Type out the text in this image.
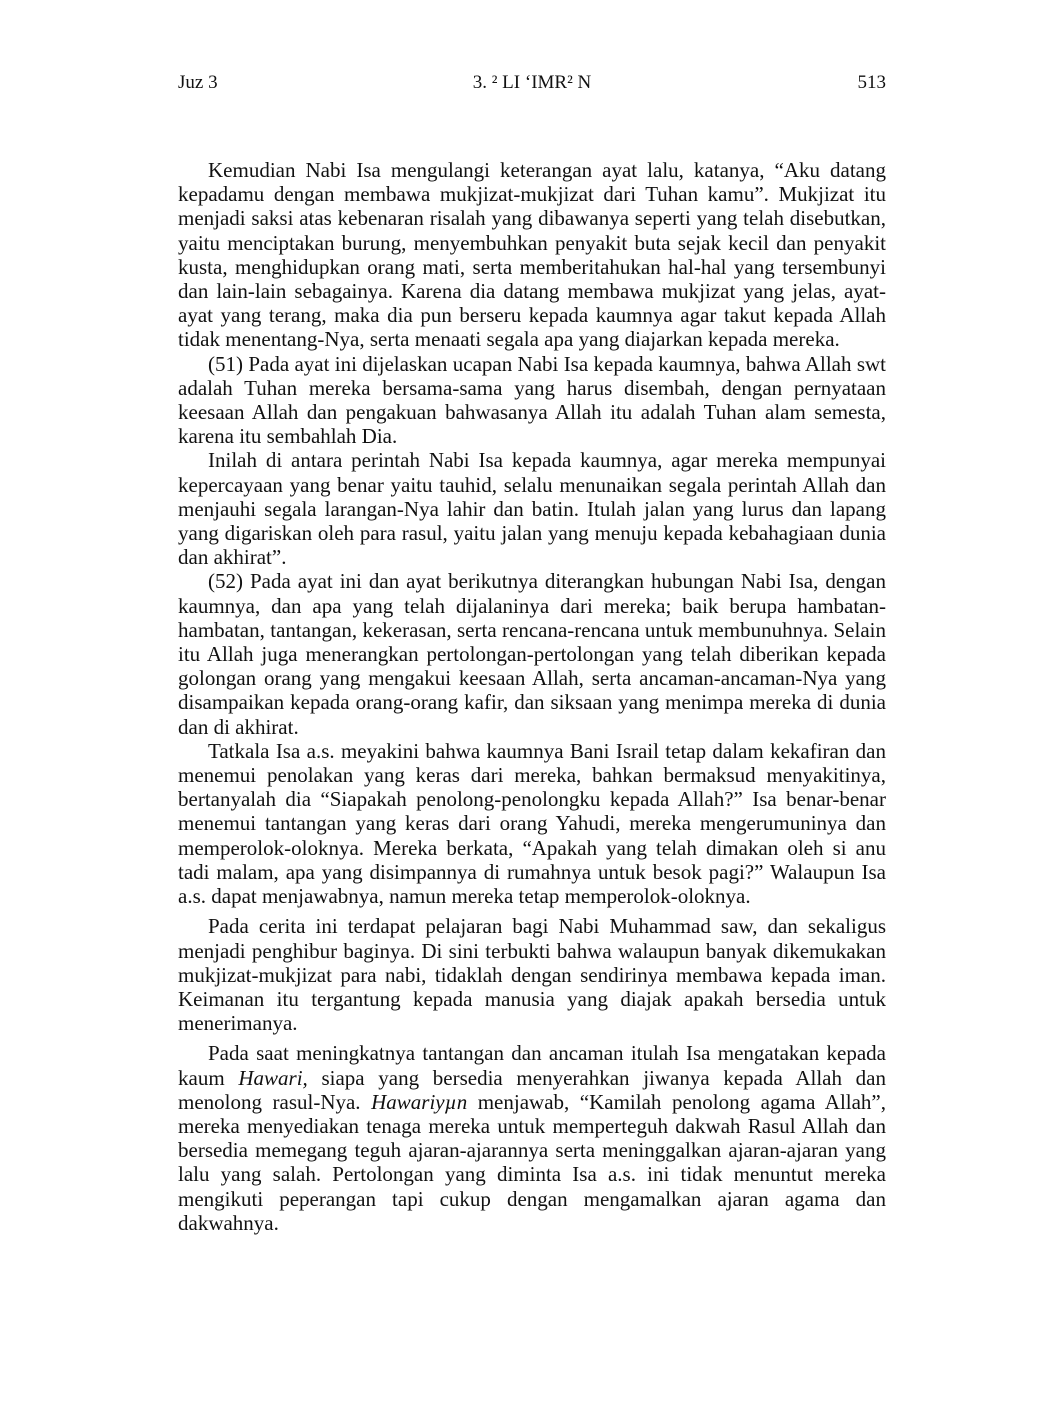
Juz 3	3. ² LI ‘IMR² N	513

Kemudian Nabi Isa mengulangi keterangan ayat lalu, katanya, “Aku datang kepadamu dengan membawa mukjizat-mukjizat dari Tuhan kamu”. Mukjizat itu menjadi saksi atas kebenaran risalah yang dibawanya seperti yang telah disebutkan, yaitu menciptakan burung, menyembuhkan penyakit buta sejak kecil dan penyakit kusta, menghidupkan orang mati, serta memberitahukan hal-hal yang tersembunyi dan lain-lain sebagainya. Karena dia datang membawa mukjizat yang jelas, ayat-ayat yang terang, maka dia pun berseru kepada kaumnya agar takut kepada Allah tidak menentang-Nya, serta menaati segala apa yang diajarkan kepada mereka.

(51) Pada ayat ini dijelaskan ucapan Nabi Isa kepada kaumnya, bahwa Allah swt adalah Tuhan mereka bersama-sama yang harus disembah, dengan pernyataan keesaan Allah dan pengakuan bahwasanya Allah itu adalah Tuhan alam semesta, karena itu sembahlah Dia.

Inilah di antara perintah Nabi Isa kepada kaumnya, agar mereka mempunyai kepercayaan yang benar yaitu tauhid, selalu menunaikan segala perintah Allah dan menjauhi segala larangan-Nya lahir dan batin. Itulah jalan yang lurus dan lapang yang digariskan oleh para rasul, yaitu jalan yang menuju kepada kebahagiaan dunia dan akhirat”.

(52) Pada ayat ini dan ayat berikutnya diterangkan hubungan Nabi Isa, dengan kaumnya, dan apa yang telah dijalaninya dari mereka; baik berupa hambatan-hambatan, tantangan, kekerasan, serta rencana-rencana untuk membunuhnya. Selain itu Allah juga menerangkan pertolongan-pertolongan yang telah diberikan kepada golongan orang yang mengakui keesaan Allah, serta ancaman-ancaman-Nya yang disampaikan kepada orang-orang kafir, dan siksaan yang menimpa mereka di dunia dan di akhirat.

Tatkala Isa a.s. meyakini bahwa kaumnya Bani Israil tetap dalam kekafiran dan menemui penolakan yang keras dari mereka, bahkan bermaksud menyakitinya, bertanyalah dia “Siapakah penolong-penolongku kepada Allah?” Isa benar-benar menemui tantangan yang keras dari orang Yahudi, mereka mengerumuninya dan memperolok-oloknya. Mereka berkata, “Apakah yang telah dimakan oleh si anu tadi malam, apa yang disimpannya di rumahnya untuk besok pagi?” Walaupun Isa a.s. dapat menjawabnya, namun mereka tetap memperolok-oloknya.

Pada cerita ini terdapat pelajaran bagi Nabi Muhammad saw, dan sekaligus menjadi penghibur baginya. Di sini terbukti bahwa walaupun banyak dikemukakan mukjizat-mukjizat para nabi, tidaklah dengan sendirinya membawa kepada iman. Keimanan itu tergantung kepada manusia yang diajak apakah bersedia untuk menerimanya.

Pada saat meningkatnya tantangan dan ancaman itulah Isa mengatakan kepada kaum Hawari, siapa yang bersedia menyerahkan jiwanya kepada Allah dan menolong rasul-Nya. Hawariyµn menjawab, “Kamilah penolong agama Allah”, mereka menyediakan tenaga mereka untuk memperteguh dakwah Rasul Allah dan bersedia memegang teguh ajaran-ajarannya serta meninggalkan ajaran-ajaran yang lalu yang salah. Pertolongan yang diminta Isa a.s. ini tidak menuntut mereka mengikuti peperangan tapi cukup dengan mengamalkan ajaran agama dan dakwahnya.
